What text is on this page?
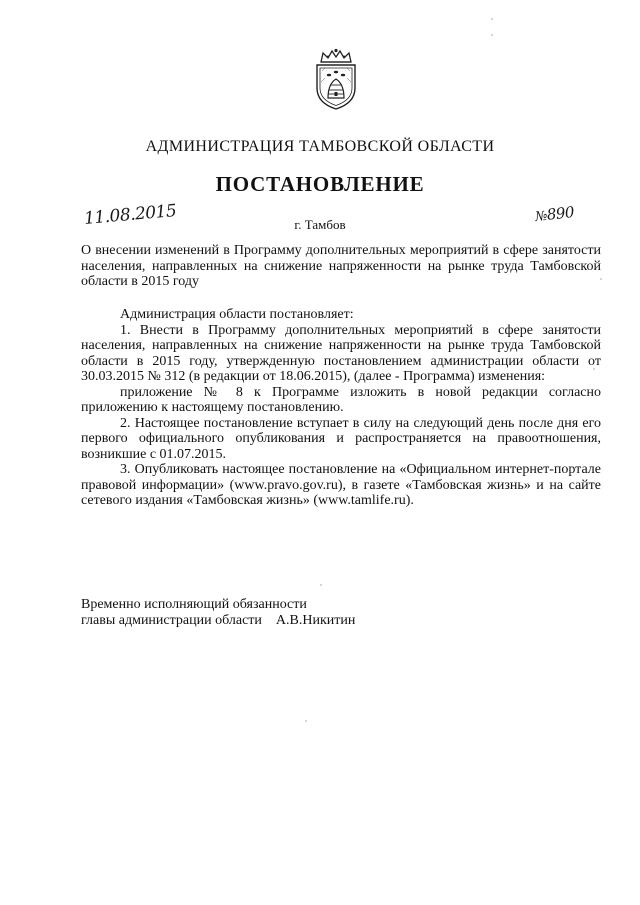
АДМИНИСТРАЦИЯ ТАМБОВСКОЙ ОБЛАСТИ
ПОСТАНОВЛЕНИЕ
11.08.2015	г. Тамбов	№890
О внесении изменений в Программу дополнительных мероприятий в сфере занятости населения, направленных на снижение напряженности на рынке труда Тамбовской области в 2015 году

Администрация области постановляет:

1. Внести в Программу дополнительных мероприятий в сфере занятости населения, направленных на снижение напряженности на рынке труда Тамбовской области в 2015 году, утвержденную постановлением администрации области от 30.03.2015 № 312 (в редакции от 18.06.2015), (далее - Программа) изменения:

приложение № 8 к Программе изложить в новой редакции согласно приложению к настоящему постановлению.

2. Настоящее постановление вступает в силу на следующий день после дня его первого официального опубликования и распространяется на правоотношения, возникшие с 01.07.2015.

3. Опубликовать настоящее постановление на «Официальном интернет-портале правовой информации» (www.pravo.gov.ru), в газете «Тамбовская жизнь» и на сайте сетевого издания «Тамбовская жизнь» (www.tamlife.ru).

Временно исполняющий обязанности
главы администрации области А.В.Никитин
